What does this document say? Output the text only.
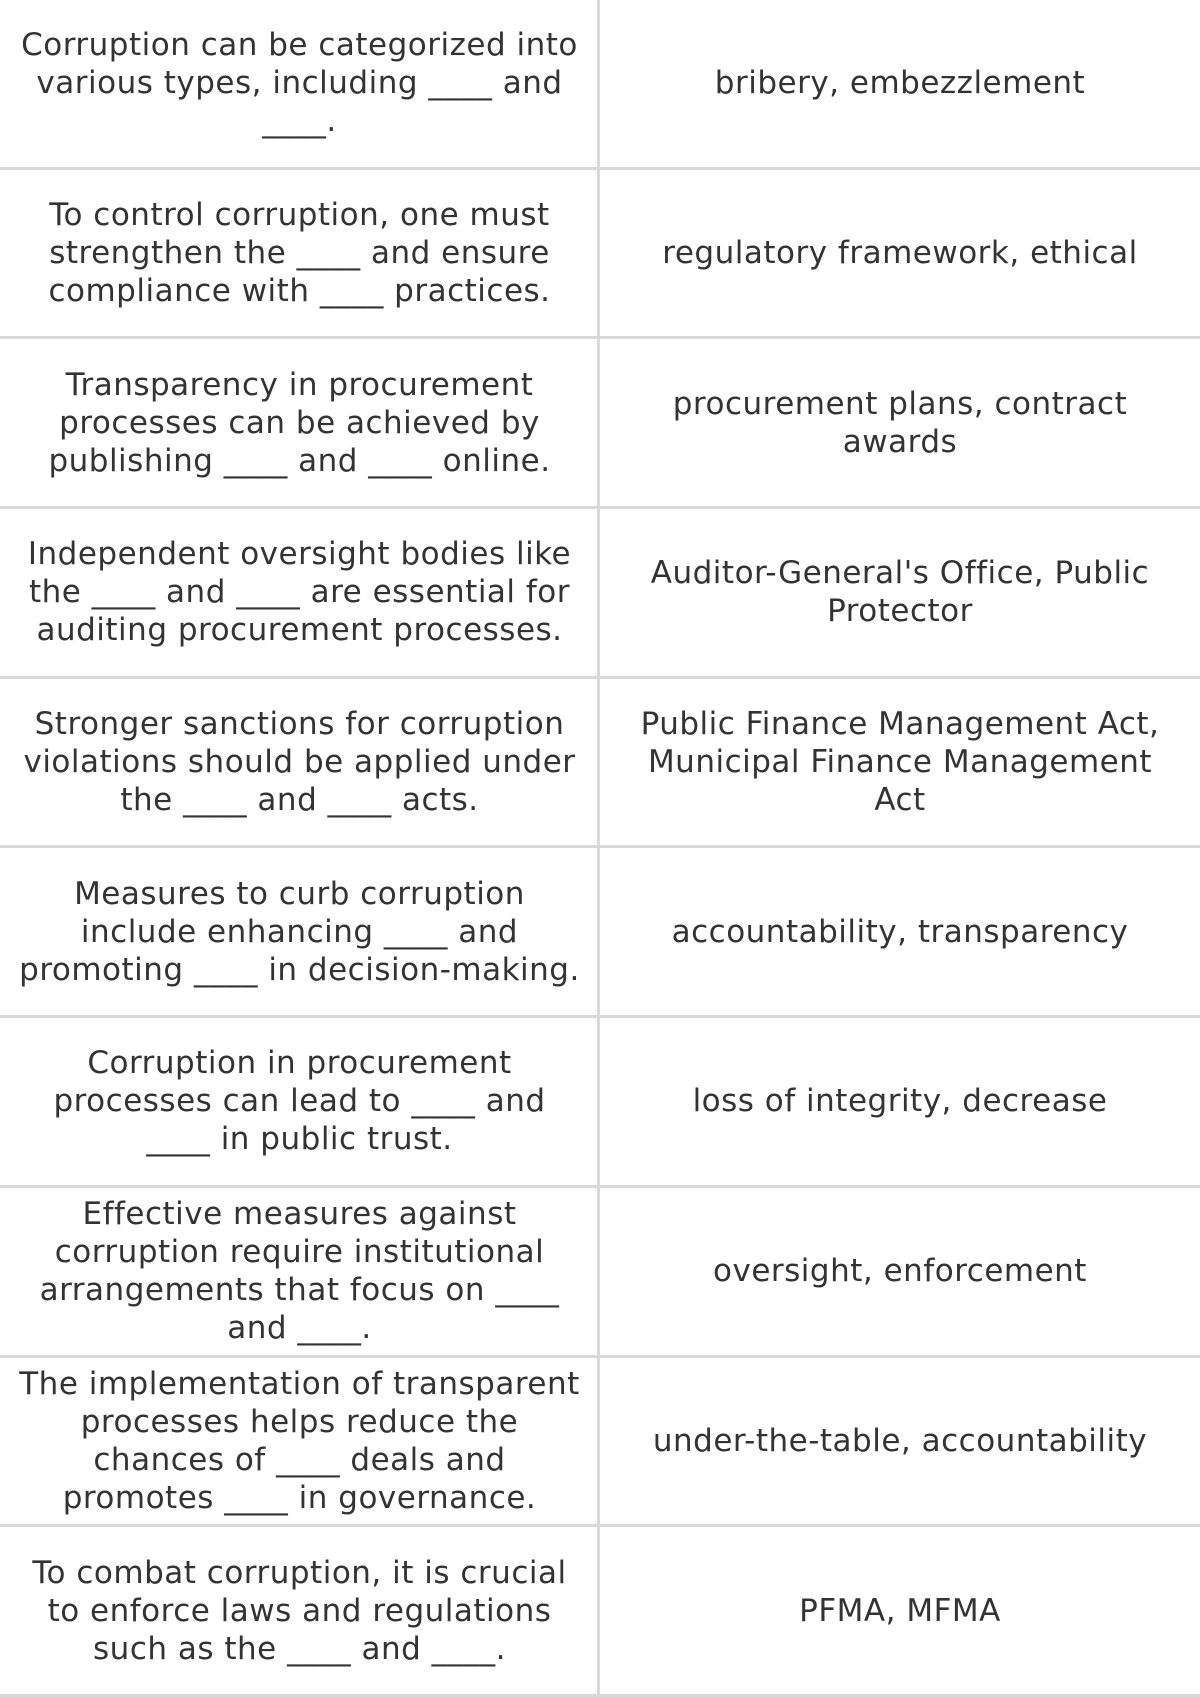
Corruption can be categorized into various types, including ____ and ____.
bribery, embezzlement
To control corruption, one must strengthen the ____ and ensure compliance with ____ practices.
regulatory framework, ethical
Transparency in procurement processes can be achieved by publishing ____ and ____ online.
procurement plans, contract awards
Independent oversight bodies like the ____ and ____ are essential for auditing procurement processes.
Auditor-General's Office, Public Protector
Stronger sanctions for corruption violations should be applied under the ____ and ____ acts.
Public Finance Management Act, Municipal Finance Management Act
Measures to curb corruption include enhancing ____ and promoting ____ in decision-making.
accountability, transparency
Corruption in procurement processes can lead to ____ and ____ in public trust.
loss of integrity, decrease
Effective measures against corruption require institutional arrangements that focus on ____ and ____.
oversight, enforcement
The implementation of transparent processes helps reduce the chances of ____ deals and promotes ____ in governance.
under-the-table, accountability
To combat corruption, it is crucial to enforce laws and regulations such as the ____ and ____.
PFMA, MFMA
